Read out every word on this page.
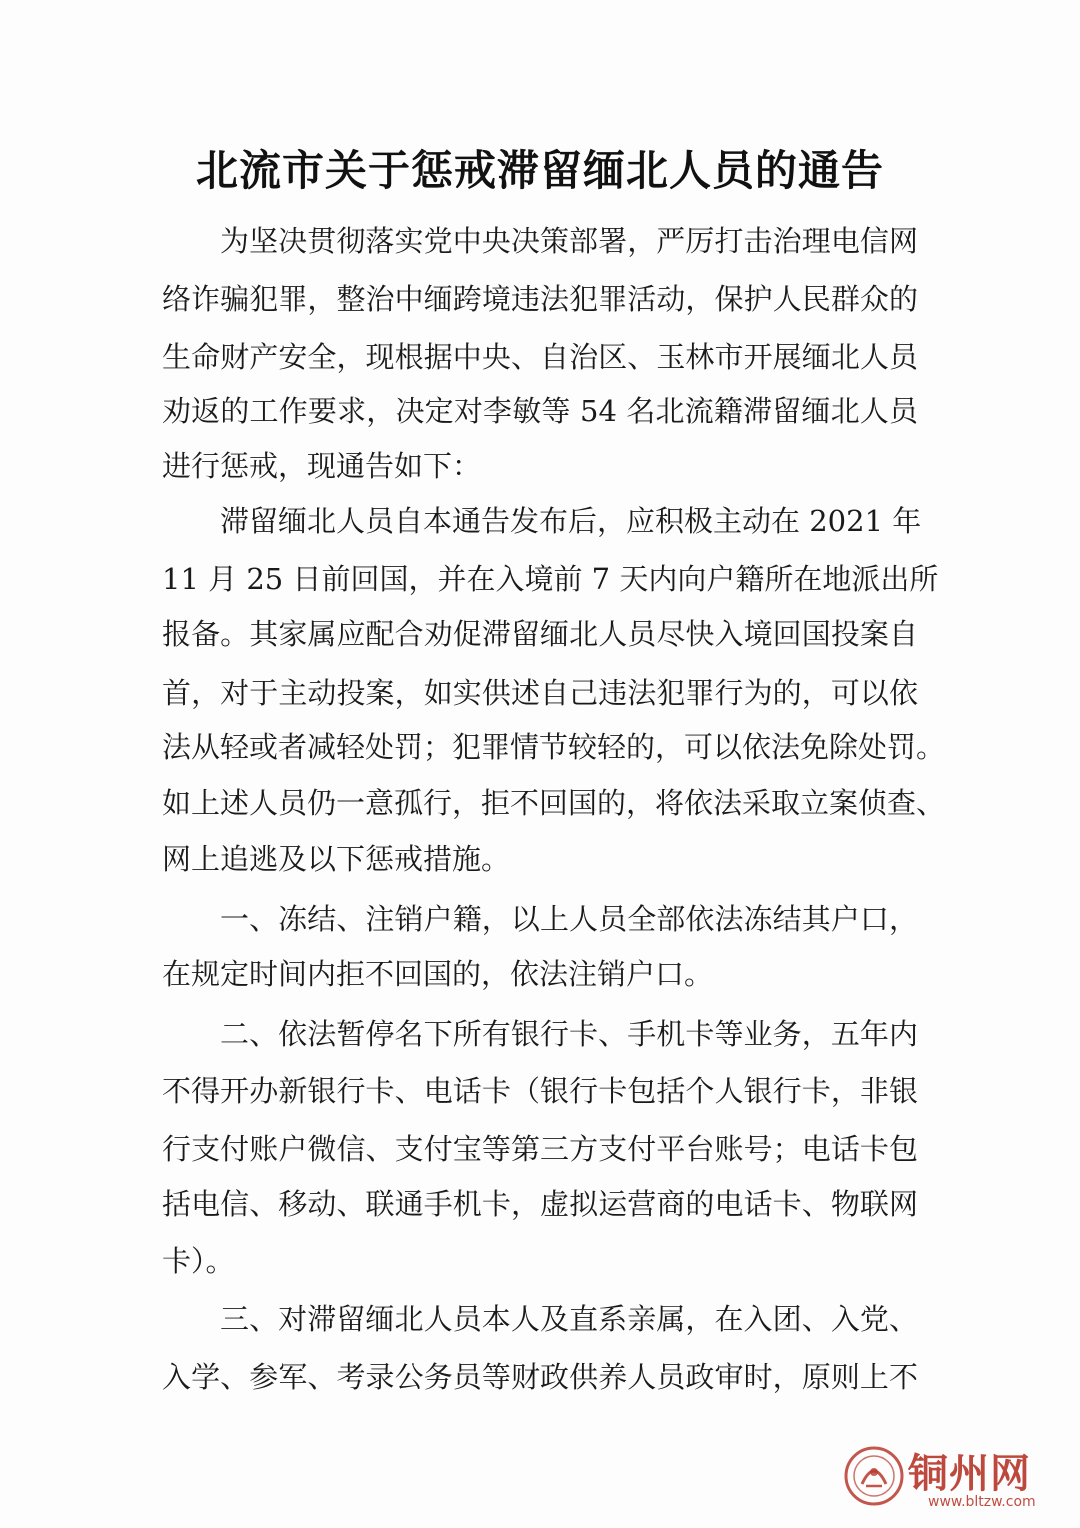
北流市关于惩戒滞留缅北人员的通告
为坚决贯彻落实党中央决策部署，严厉打击治理电信网
络诈骗犯罪，整治中缅跨境违法犯罪活动，保护人民群众的
生命财产安全，现根据中央、自治区、玉林市开展缅北人员
劝返的工作要求，决定对李敏等 54 名北流籍滞留缅北人员
进行惩戒，现通告如下：
滞留缅北人员自本通告发布后，应积极主动在 2021 年
11 月 25 日前回国，并在入境前 7 天内向户籍所在地派出所
报备。其家属应配合劝促滞留缅北人员尽快入境回国投案自
首，对于主动投案，如实供述自己违法犯罪行为的，可以依
法从轻或者减轻处罚；犯罪情节较轻的，可以依法免除处罚。
如上述人员仍一意孤行，拒不回国的，将依法采取立案侦查、
网上追逃及以下惩戒措施。
一、冻结、注销户籍，以上人员全部依法冻结其户口，
在规定时间内拒不回国的，依法注销户口。
二、依法暂停名下所有银行卡、手机卡等业务，五年内
不得开办新银行卡、电话卡（银行卡包括个人银行卡，非银
行支付账户微信、支付宝等第三方支付平台账号；电话卡包
括电信、移动、联通手机卡，虚拟运营商的电话卡、物联网
卡）。
三、对滞留缅北人员本人及直系亲属，在入团、入党、
入学、参军、考录公务员等财政供养人员政审时，原则上不
铜州网
www.bltzw.com
